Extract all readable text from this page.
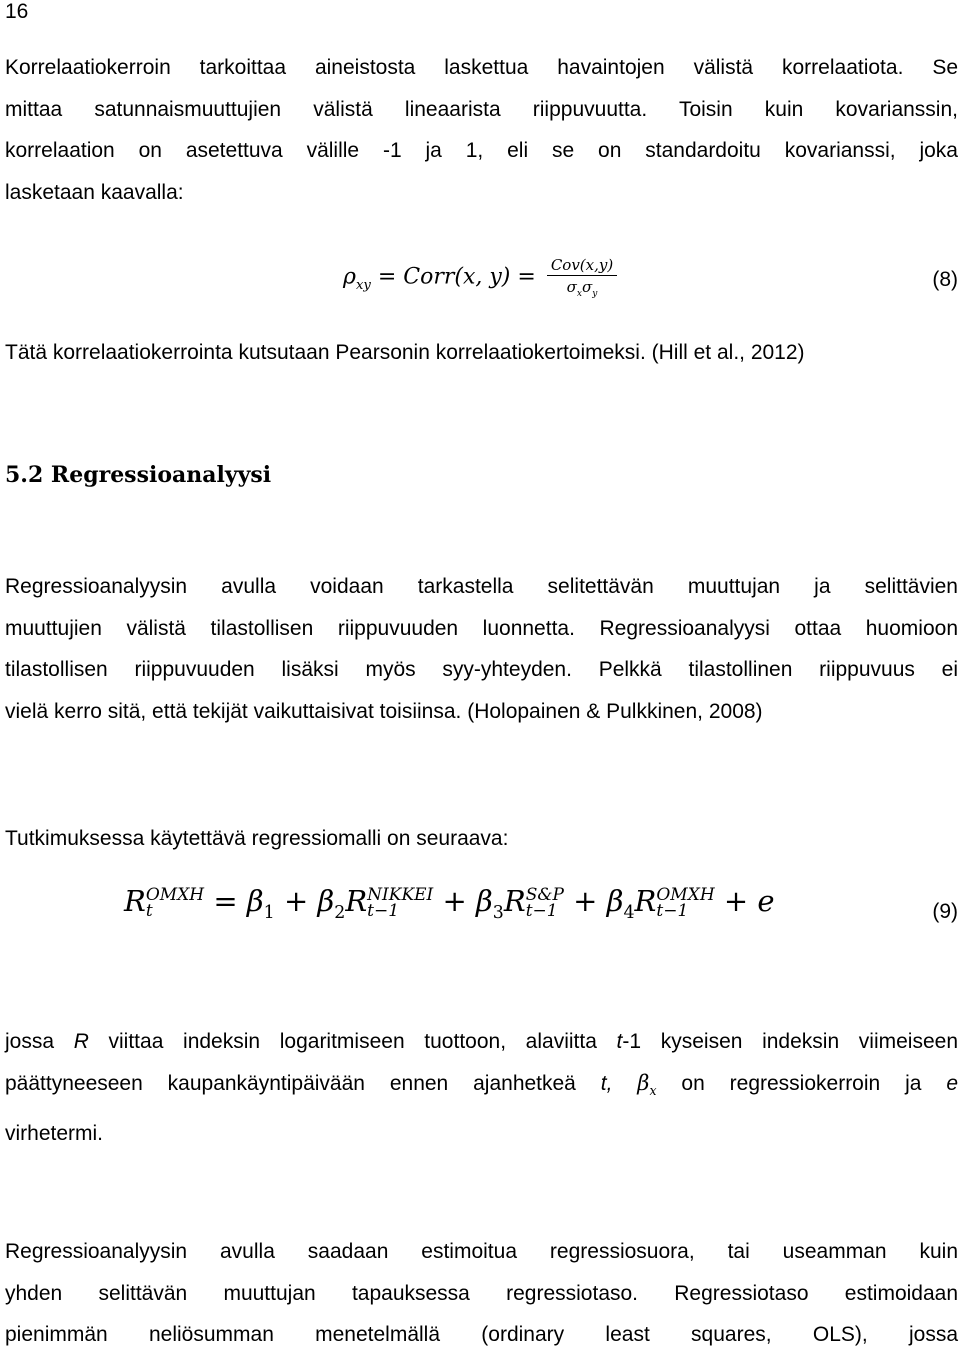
16
Korrelaatiokerroin tarkoittaa aineistosta laskettua havaintojen välistä korrelaatiota. Se
mittaa satunnaismuuttujien välistä lineaarista riippuvuutta. Toisin kuin kovarianssin,
korrelaation on asetettuva välille -1 ja 1, eli se on standardoitu kovarianssi, joka
lasketaan kaavalla:
$\rho_{xy}$ = Corr(x, $y) = \frac{\text{Cov(x,y)}}{\sigma_x\sigma_y}$	(8)
Tätä korrelaatiokerrointa kutsutaan Pearsonin korrelaatiokertoimeksi. (Hill et al., 2012)
5.2 Regressioanalyysi
Regressioanalyysin avulla voidaan tarkastella selitettävän muuttujan ja selittävien
muuttujien välistä tilastollisen riippuvuuden luonnetta. Regressioanalyysi ottaa huomioon
tilastollisen riippuvuuden lisäksi myös syy-yhteyden. Pelkkä tilastollinen riippuvuus ei
vielä kerro sitä, että tekijät vaikuttaisivat toisiinsa. (Holopainen & Pulkkinen, 2008)
Tutkimuksessa käytettävä regressiomalli on seuraava:
R OMXH
t	= $\beta_1 + \beta_2R$ NIKKEI
t−1	+ $\beta_3R$ S&P
$t-1 + \beta_4R$ OMXH
t−1	+ e	(9)
jossa R viittaa indeksin logaritmiseen tuottoon, alaviitta t-1 kyseisen indeksin viimeiseen
päättyneeseen kaupankäyntipäivään ennen ajanhetkeä t, $\beta_x$ on regressiokerroin ja e
virhetermi.
Regressioanalyysin avulla saadaan estimoitua regressiosuora, tai useamman kuin
yhden selittävän muuttujan tapauksessa regressiotaso. Regressiotaso estimoidaan
pienimmän neliösumman menetelmällä (ordinary least squares, OLS), jossa
